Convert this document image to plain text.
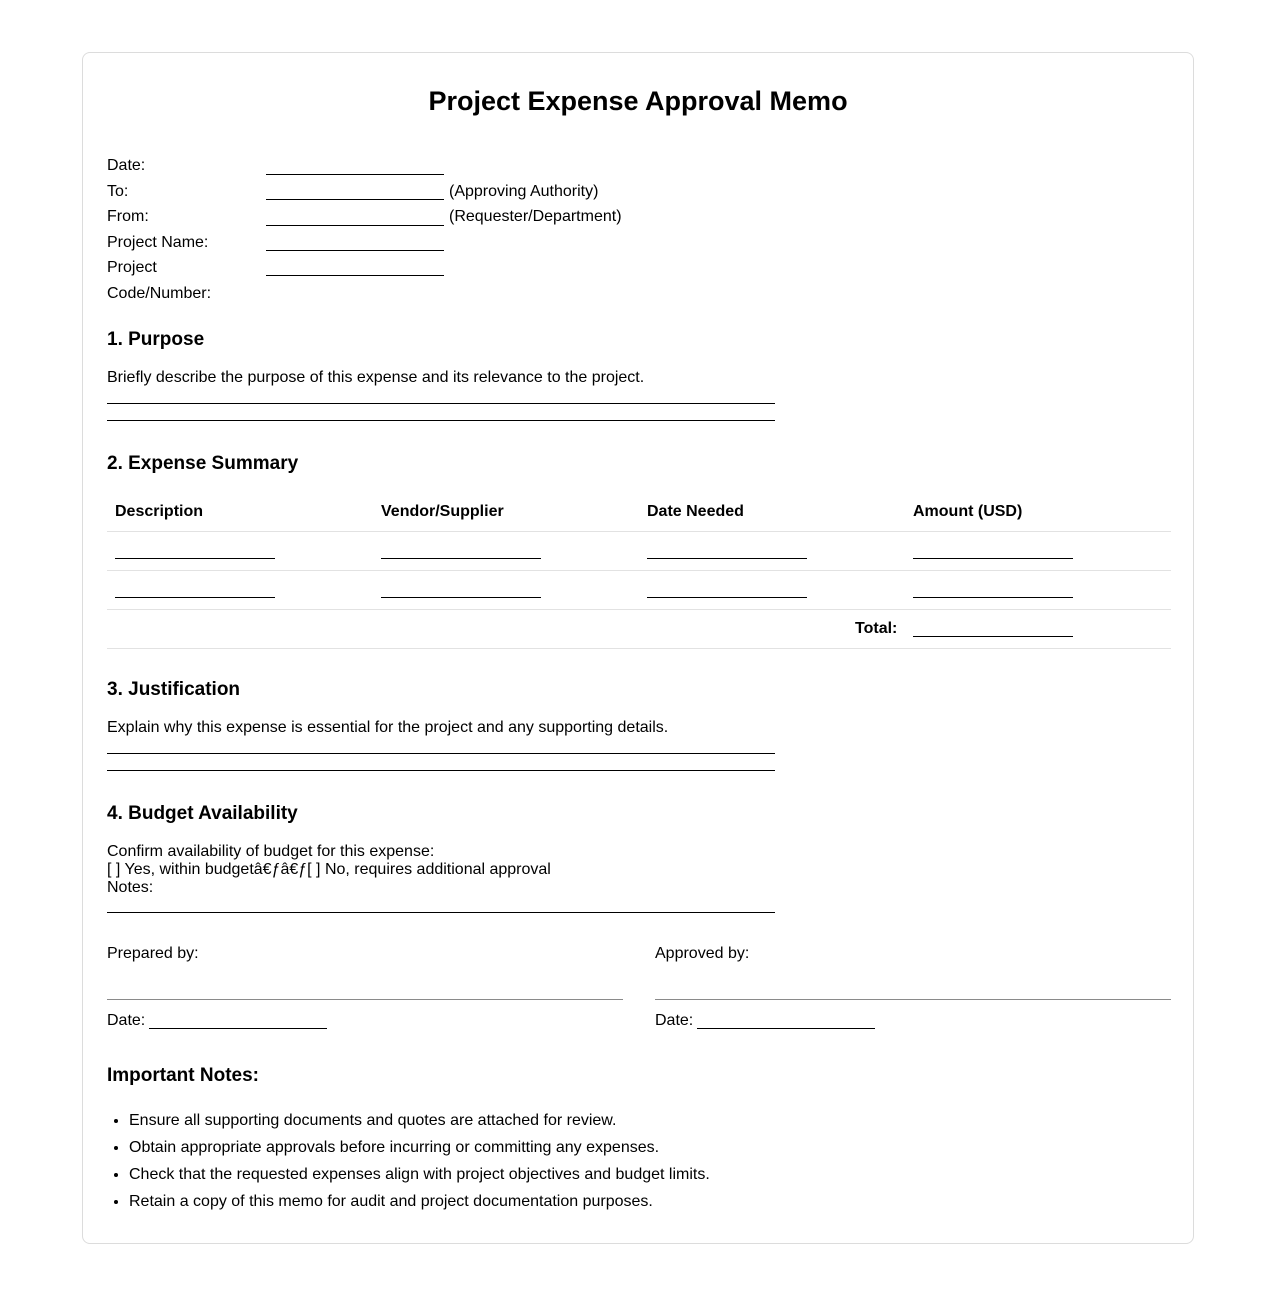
Project Expense Approval Memo
Date:
To:	(Approving Authority)
From:	(Requester/Department)
Project Name:
Project
Code/Number:
1. Purpose
Briefly describe the purpose of this expense and its relevance to the project.
2. Expense Summary
Description	Vendor/Supplier	Date Needed	Amount (USD)
Total:
3. Justification
Explain why this expense is essential for the project and any supporting details.
4. Budget Availability
Confirm availability of budget for this expense:
[ ] Yes, within budgetâ€ƒâ€ƒ[ ] No, requires additional approval
Notes:
Prepared by:
Date:
Approved by:
Date:
Important Notes:
• Ensure all supporting documents and quotes are attached for review.
• Obtain appropriate approvals before incurring or committing any expenses.
• Check that the requested expenses align with project objectives and budget limits.
• Retain a copy of this memo for audit and project documentation purposes.
